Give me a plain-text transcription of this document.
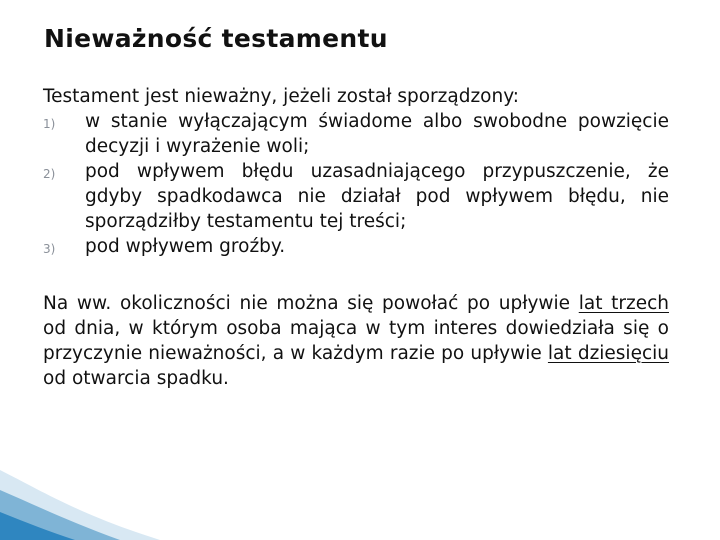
Nieważność testamentu

Testament jest nieważny, jeżeli został sporządzony:

1) w stanie wyłączającym świadome albo swobodne powzięcie decyzji i wyrażenie woli;
2) pod wpływem błędu uzasadniającego przypuszczenie, że gdyby spadkodawca nie działał pod wpływem błędu, nie sporządziłby testamentu tej treści;
3) pod wpływem groźby.

Na ww. okoliczności nie można się powołać po upływie lat trzech od dnia, w którym osoba mająca w tym interes dowiedziała się o przyczynie nieważności, a w każdym razie po upływie lat dziesięciu od otwarcia spadku.
